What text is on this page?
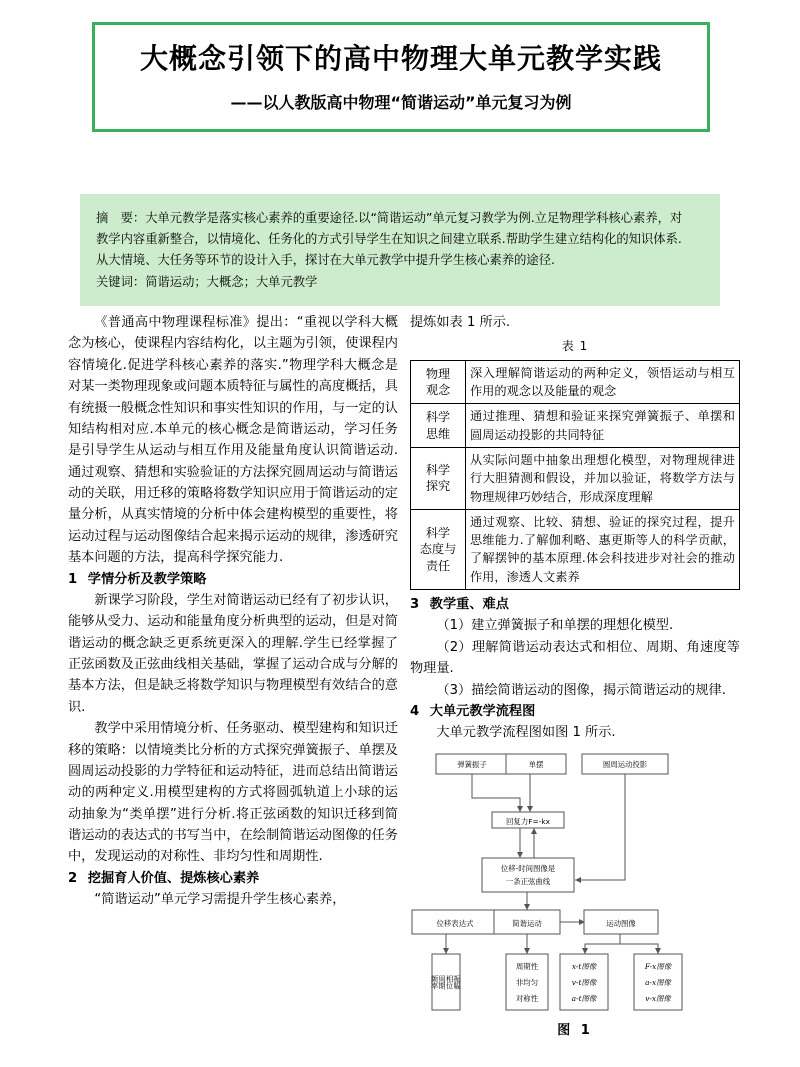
大概念引领下的高中物理大单元教学实践
——以人教版高中物理“简谐运动”单元复习为例
摘　要：大单元教学是落实核心素养的重要途径.以“简谐运动”单元复习教学为例.立足物理学科核心素养，对
教学内容重新整合，以情境化、任务化的方式引导学生在知识之间建立联系.帮助学生建立结构化的知识体系.
从大情境、大任务等环节的设计入手，探讨在大单元教学中提升学生核心素养的途径.
关键词：简谐运动；大概念；大单元教学

《普通高中物理课程标准》提出：“重视以学科大概念为核心，使课程内容结构化，以主题为引领，使课程内容情境化.促进学科核心素养的落实.”物理学科大概念是对某一类物理现象或问题本质特征与属性的高度概括，具有统摄一般概念性知识和事实性知识的作用，与一定的认知结构相对应.本单元的核心概念是简谐运动，学习任务是引导学生从运动与相互作用及能量角度认识简谐运动.通过观察、猜想和实验验证的方法探究圆周运动与简谐运动的关联，用迁移的策略将数学知识应用于简谐运动的定量分析，从真实情境的分析中体会建构模型的重要性，将运动过程与运动图像结合起来揭示运动的规律，渗透研究基本问题的方法，提高科学探究能力.

1 学情分析及教学策略

新课学习阶段，学生对简谐运动已经有了初步认识，能够从受力、运动和能量角度分析典型的运动，但是对简谐运动的概念缺乏更系统更深入的理解.学生已经掌握了正弦函数及正弦曲线相关基础，掌握了运动合成与分解的基本方法，但是缺乏将数学知识与物理模型有效结合的意识.

教学中采用情境分析、任务驱动、模型建构和知识迁移的策略：以情境类比分析的方式探究弹簧振子、单摆及圆周运动投影的力学特征和运动特征，进而总结出简谐运动的两种定义.用模型建构的方式将圆弧轨道上小球的运动抽象为“类单摆”进行分析.将正弦函数的知识迁移到简谐运动的表达式的书写当中，在绘制简谐运动图像的任务中，发现运动的对称性、非均匀性和周期性.

2 挖掘育人价值、提炼核心素养

“简谐运动”单元学习需提升学生核心素养，

提炼如表 1 所示.

表 1
物理
观念	深入理解简谐运动的两种定义，领悟运动与相互作用的观念以及能量的观念

科学
思维	通过推理、猜想和验证来探究弹簧振子、单摆和圆周运动投影的共同特征

科学
探究	从实际问题中抽象出理想化模型，对物理规律进行大胆猜测和假设，并加以验证，将数学方法与物理规律巧妙结合，形成深度理解

科学
态度与
责任	通过观察、比较、猜想、验证的探究过程，提升思维能力.了解伽利略、惠更斯等人的科学贡献，了解摆钟的基本原理.体会科技进步对社会的推动作用，渗透人文素养
3 教学重、难点

（1）建立弹簧振子和单摆的理想化模型.

（2）理解简谐运动表达式和相位、周期、角速度等物理量.

（3）描绘简谐运动的图像，揭示简谐运动的规律.

4 大单元教学流程图

大单元教学流程图如图 1 所示.

弹簧振子	单摆	圆周运动投影
回复力F=-kx
位移-时间图像是
一条正弦曲线
位移表达式	简谐运动	运动图像
周期性
非均匀
对称性
x-t图像
v-t图像
a-t图像
F-x图像
a-x图像
v-x图像
振幅
相位
周期
频率
图 1
